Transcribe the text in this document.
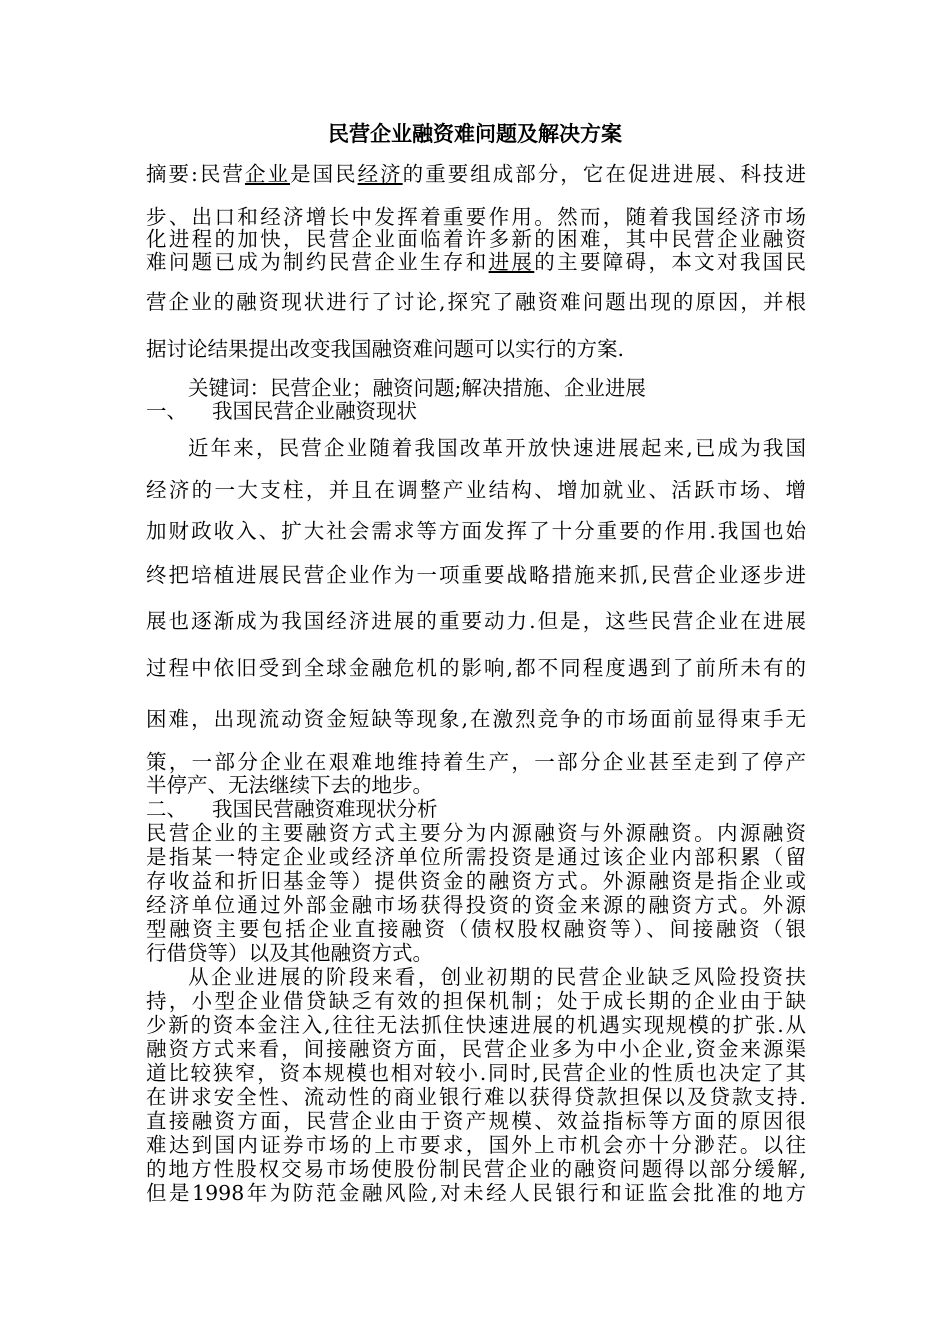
民营企业融资难问题及解决方案
摘要:民营企业是国民经济的重要组成部分，它在促进进展、科技进
步、出口和经济增长中发挥着重要作用。然而，随着我国经济市场
化进程的加快，民营企业面临着许多新的困难，其中民营企业融资
难问题已成为制约民营企业生存和进展的主要障碍，本文对我国民
营企业的融资现状进行了讨论,探究了融资难问题出现的原因，并根
据讨论结果提出改变我国融资难问题可以实行的方案.
关键词：民营企业；融资问题;解决措施、企业进展
一、 我国民营企业融资现状
近年来，民营企业随着我国改革开放快速进展起来,已成为我国
经济的一大支柱，并且在调整产业结构、增加就业、活跃市场、增
加财政收入、扩大社会需求等方面发挥了十分重要的作用.我国也始
终把培植进展民营企业作为一项重要战略措施来抓,民营企业逐步进
展也逐渐成为我国经济进展的重要动力.但是，这些民营企业在进展
过程中依旧受到全球金融危机的影响,都不同程度遇到了前所未有的
困难，出现流动资金短缺等现象,在激烈竞争的市场面前显得束手无
策，一部分企业在艰难地维持着生产，一部分企业甚至走到了停产
半停产、无法继续下去的地步。
二、 我国民营融资难现状分析
民营企业的主要融资方式主要分为内源融资与外源融资。内源融资
是指某一特定企业或经济单位所需投资是通过该企业内部积累（留
存收益和折旧基金等）提供资金的融资方式。外源融资是指企业或
经济单位通过外部金融市场获得投资的资金来源的融资方式。外源
型融资主要包括企业直接融资（债权股权融资等）、间接融资（银
行借贷等）以及其他融资方式。
从企业进展的阶段来看，创业初期的民营企业缺乏风险投资扶
持，小型企业借贷缺乏有效的担保机制；处于成长期的企业由于缺
少新的资本金注入,往往无法抓住快速进展的机遇实现规模的扩张.从
融资方式来看，间接融资方面，民营企业多为中小企业,资金来源渠
道比较狭窄，资本规模也相对较小.同时,民营企业的性质也决定了其
在讲求安全性、流动性的商业银行难以获得贷款担保以及贷款支持.
直接融资方面，民营企业由于资产规模、效益指标等方面的原因很
难达到国内证券市场的上市要求，国外上市机会亦十分渺茫。以往
的地方性股权交易市场使股份制民营企业的融资问题得以部分缓解,
但是1998年为防范金融风险,对未经人民银行和证监会批准的地方
